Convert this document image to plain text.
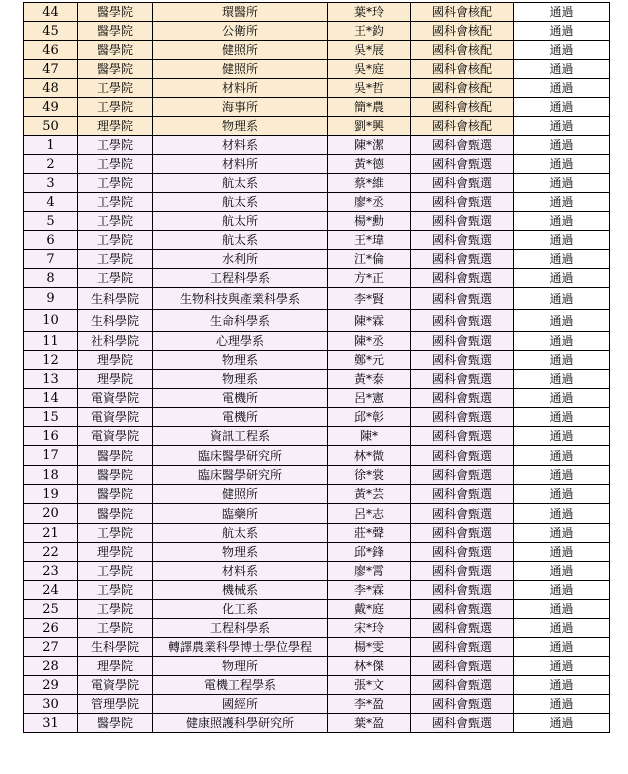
44	醫學院	環醫所	葉*玲	國科會核配	通過
45	醫學院	公衛所	王*鈞	國科會核配	通過
46	醫學院	健照所	吳*展	國科會核配	通過
47	醫學院	健照所	吳*庭	國科會核配	通過
48	工學院	材料所	吳*哲	國科會核配	通過
49	工學院	海事所	簡*農	國科會核配	通過
50	理學院	物理系	劉*興	國科會核配	通過
1	工學院	材料系	陳*潔	國科會甄選	通過
2	工學院	材料所	黃*德	國科會甄選	通過
3	工學院	航太系	蔡*維	國科會甄選	通過
4	工學院	航太系	廖*丞	國科會甄選	通過
5	工學院	航太所	楊*勳	國科會甄選	通過
6	工學院	航太系	王*瑋	國科會甄選	通過
7	工學院	水利所	江*倫	國科會甄選	通過
8	工學院	工程科學系	方*正	國科會甄選	通過
9	生科學院	生物科技與產業科學系	李*賢	國科會甄選	通過
10	生科學院	生命科學系	陳*霖	國科會甄選	通過
11	社科學院	心理學系	陳*丞	國科會甄選	通過
12	理學院	物理系	鄭*元	國科會甄選	通過
13	理學院	物理系	黃*泰	國科會甄選	通過
14	電資學院	電機所	呂*憲	國科會甄選	通過
15	電資學院	電機所	邱*彰	國科會甄選	通過
16	電資學院	資訊工程系	陳*	國科會甄選	通過
17	醫學院	臨床醫學研究所	林*微	國科會甄選	通過
18	醫學院	臨床醫學研究所	徐*裳	國科會甄選	通過
19	醫學院	健照所	黃*芸	國科會甄選	通過
20	醫學院	臨藥所	呂*志	國科會甄選	通過
21	工學院	航太系	莊*聲	國科會甄選	通過
22	理學院	物理系	邱*鋒	國科會甄選	通過
23	工學院	材料系	廖*霄	國科會甄選	通過
24	工學院	機械系	李*霖	國科會甄選	通過
25	工學院	化工系	戴*庭	國科會甄選	通過
26	工學院	工程科學系	宋*玲	國科會甄選	通過
27	生科學院	轉譯農業科學博士學位學程	楊*雯	國科會甄選	通過
28	理學院	物理所	林*傑	國科會甄選	通過
29	電資學院	電機工程學系	張*文	國科會甄選	通過
30	管理學院	國經所	李*盈	國科會甄選	通過
31	醫學院	健康照護科學研究所	葉*盈	國科會甄選	通過
